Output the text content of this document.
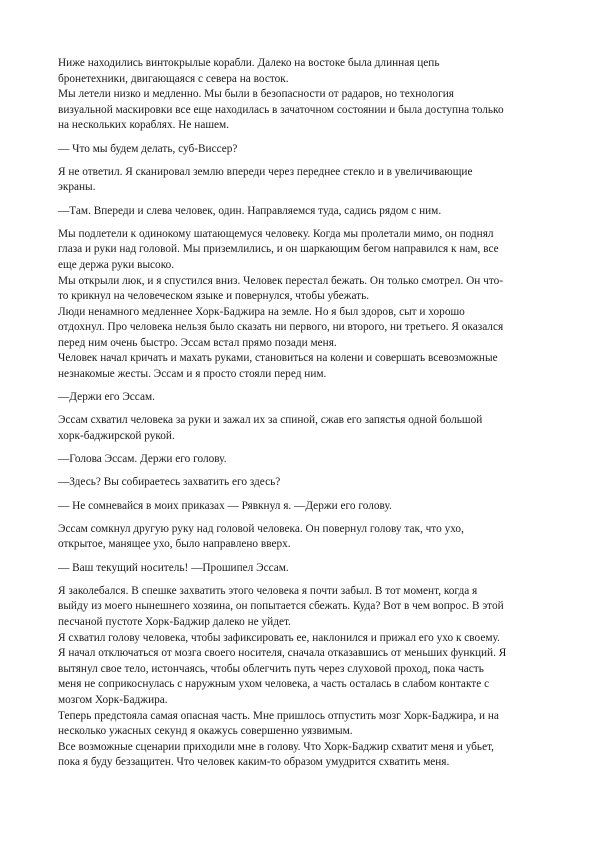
Ниже находились винтокрылые корабли. Далеко на востоке была длинная цепь
бронетехники, двигающаяся с севера на восток.
Мы летели низко и медленно. Мы были в безопасности от радаров, но технология
визуальной маскировки все еще находилась в зачаточном состоянии и была доступна только
на нескольких кораблях. Не нашем.
— Что мы будем делать, суб-Виссер?
Я не ответил. Я сканировал землю впереди через переднее стекло и в увеличивающие
экраны.
—Там. Впереди и слева человек, один. Направляемся туда, садись рядом с ним.
Мы подлетели к одинокому шатающемуся человеку. Когда мы пролетали мимо, он поднял
глаза и руки над головой. Мы приземлились, и он шаркающим бегом направился к нам, все
еще держа руки высоко.
Мы открыли люк, и я спустился вниз. Человек перестал бежать. Он только смотрел. Он что-
то крикнул на человеческом языке и повернулся, чтобы убежать.
Люди ненамного медленнее Хорк-Баджира на земле. Но я был здоров, сыт и хорошо
отдохнул. Про человека нельзя было сказать ни первого, ни второго, ни третьего. Я оказался
перед ним очень быстро. Эссам встал прямо позади меня.
Человек начал кричать и махать руками, становиться на колени и совершать всевозможные
незнакомые жесты. Эссам и я просто стояли перед ним.
—Держи его Эссам.
Эссам схватил человека за руки и зажал их за спиной, сжав его запястья одной большой
хорк-баджирской рукой.
—Голова Эссам. Держи его голову.
—Здесь? Вы собираетесь захватить его здесь?
— Не сомневайся в моих приказах — Рявкнул я. —Держи его голову.
Эссам сомкнул другую руку над головой человека. Он повернул голову так, что ухо,
открытое, манящее ухо, было направлено вверх.
— Ваш текущий носитель! —Прошипел Эссам.
Я заколебался. В спешке захватить этого человека я почти забыл. В тот момент, когда я
выйду из моего нынешнего хозяина, он попытается сбежать. Куда? Вот в чем вопрос. В этой
песчаной пустоте Хорк-Баджир далеко не уйдет.
Я схватил голову человека, чтобы зафиксировать ее, наклонился и прижал его ухо к своему.
Я начал отключаться от мозга своего носителя, сначала отказавшись от меньших функций. Я
вытянул свое тело, истончаясь, чтобы облегчить путь через слуховой проход, пока часть
меня не соприкоснулась с наружным ухом человека, а часть осталась в слабом контакте с
мозгом Хорк-Баджира.
Теперь предстояла самая опасная часть. Мне пришлось отпустить мозг Хорк-Баджира, и на
несколько ужасных секунд я окажусь совершенно уязвимым.
Все возможные сценарии приходили мне в голову. Что Хорк-Баджир схватит меня и убьет,
пока я буду беззащитен. Что человек каким-то образом умудрится схватить меня.
